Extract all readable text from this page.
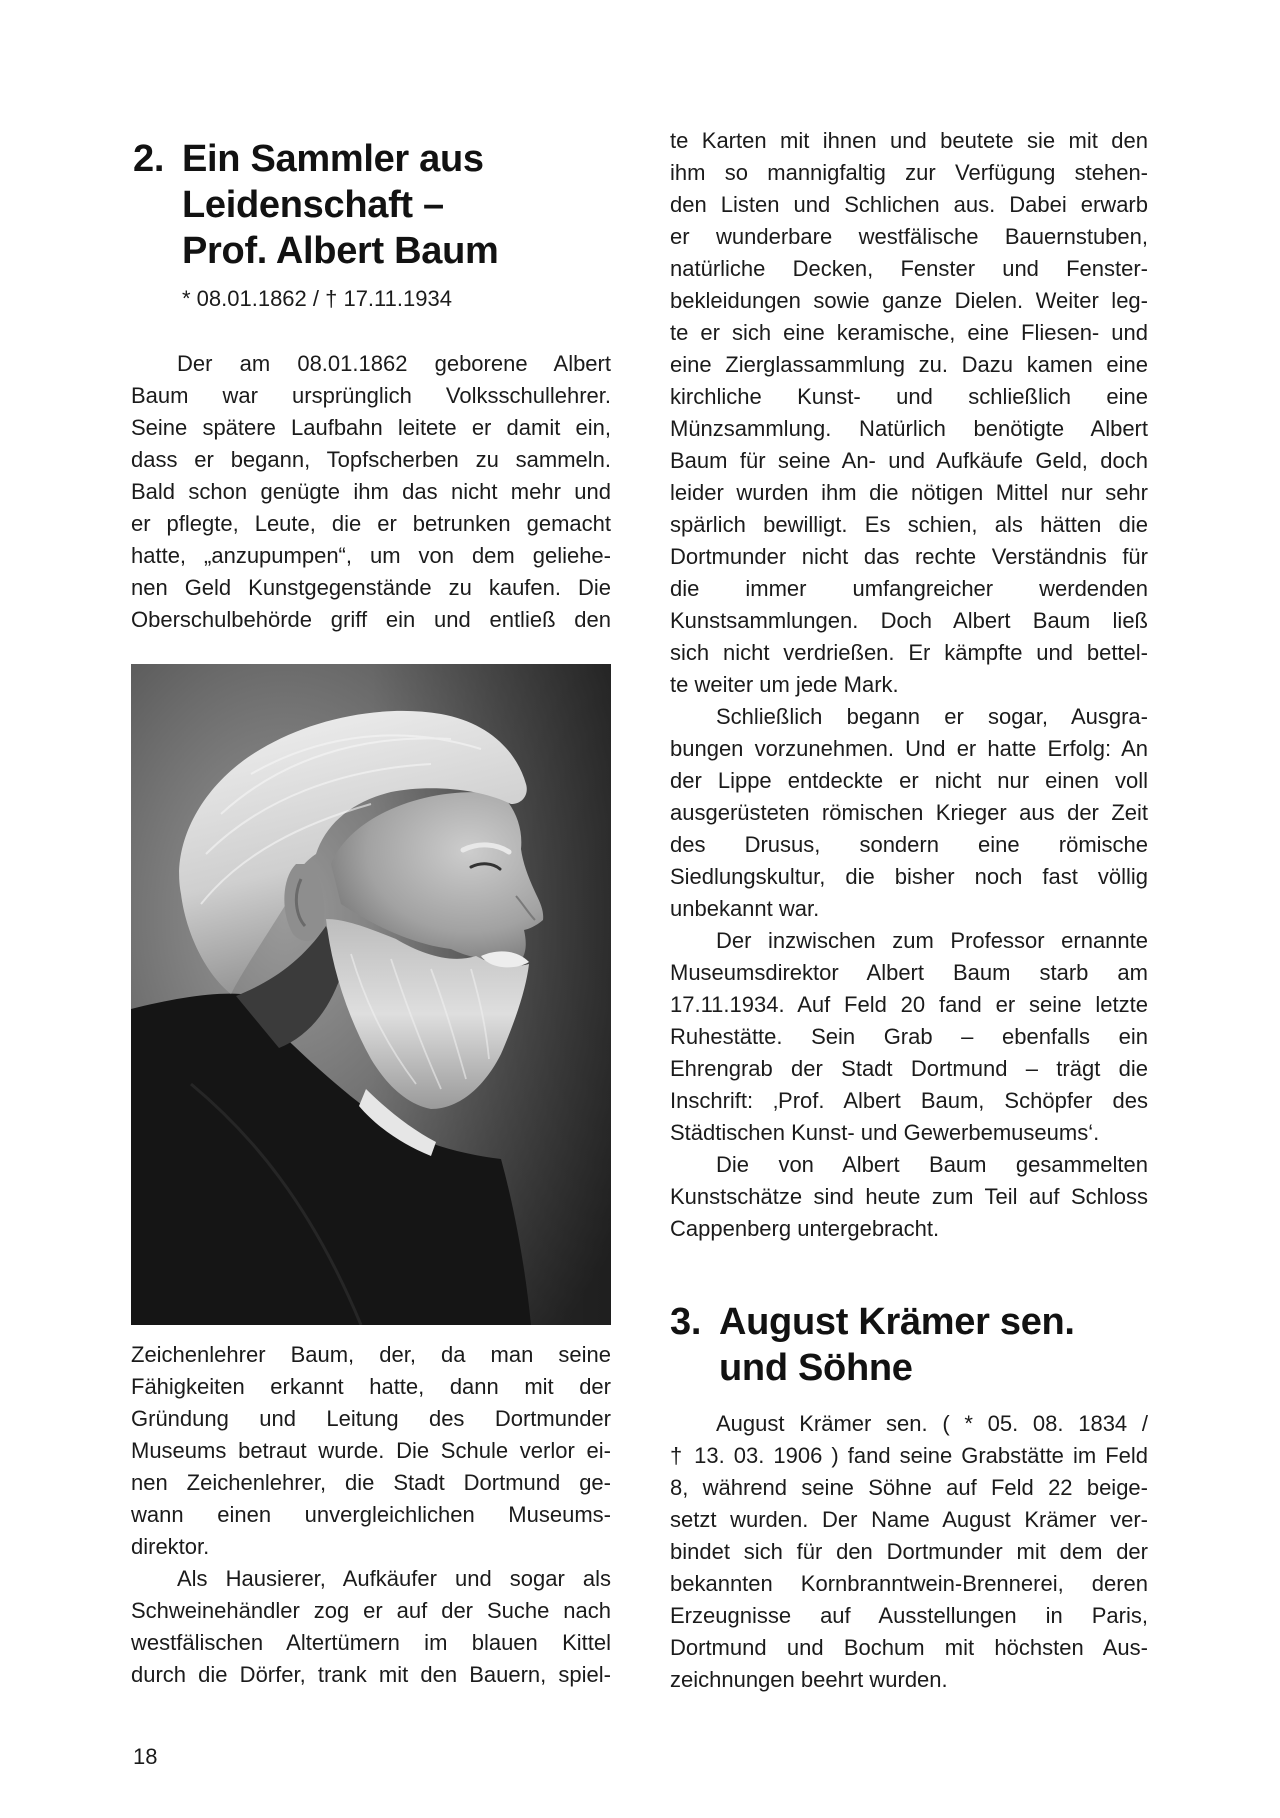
2. Ein Sammler aus
Leidenschaft –
Prof. Albert Baum
* 08.01.1862 / † 17.11.1934
Der am 08.01.1862 geborene Albert
Baum war ursprünglich Volksschullehrer.
Seine spätere Laufbahn leitete er damit ein,
dass er begann, Topfscherben zu sammeln.
Bald schon genügte ihm das nicht mehr und
er pflegte, Leute, die er betrunken gemacht
hatte, „anzupumpen“, um von dem geliehe-
nen Geld Kunstgegenstände zu kaufen. Die
Oberschulbehörde griff ein und entließ den
Zeichenlehrer Baum, der, da man seine
Fähigkeiten erkannt hatte, dann mit der
Gründung und Leitung des Dortmunder
Museums betraut wurde. Die Schule verlor ei-
nen Zeichenlehrer, die Stadt Dortmund ge-
wann einen unvergleichlichen Museums-
direktor.
Als Hausierer, Aufkäufer und sogar als
Schweinehändler zog er auf der Suche nach
westfälischen Altertümern im blauen Kittel
durch die Dörfer, trank mit den Bauern, spiel-
18
te Karten mit ihnen und beutete sie mit den
ihm so mannigfaltig zur Verfügung stehen-
den Listen und Schlichen aus. Dabei erwarb
er wunderbare westfälische Bauernstuben,
natürliche Decken, Fenster und Fenster-
bekleidungen sowie ganze Dielen. Weiter leg-
te er sich eine keramische, eine Fliesen- und
eine Zierglassammlung zu. Dazu kamen eine
kirchliche Kunst- und schließlich eine
Münzsammlung. Natürlich benötigte Albert
Baum für seine An- und Aufkäufe Geld, doch
leider wurden ihm die nötigen Mittel nur sehr
spärlich bewilligt. Es schien, als hätten die
Dortmunder nicht das rechte Verständnis für
die immer umfangreicher werdenden
Kunstsammlungen. Doch Albert Baum ließ
sich nicht verdrießen. Er kämpfte und bettel-
te weiter um jede Mark.
Schließlich begann er sogar, Ausgra-
bungen vorzunehmen. Und er hatte Erfolg: An
der Lippe entdeckte er nicht nur einen voll
ausgerüsteten römischen Krieger aus der Zeit
des Drusus, sondern eine römische
Siedlungskultur, die bisher noch fast völlig
unbekannt war.
Der inzwischen zum Professor ernannte
Museumsdirektor Albert Baum starb am
17.11.1934. Auf Feld 20 fand er seine letzte
Ruhestätte. Sein Grab – ebenfalls ein
Ehrengrab der Stadt Dortmund – trägt die
Inschrift: ‚Prof. Albert Baum, Schöpfer des
Städtischen Kunst- und Gewerbemuseums‘.
Die von Albert Baum gesammelten
Kunstschätze sind heute zum Teil auf Schloss
Cappenberg untergebracht.
3. August Krämer sen.
und Söhne
August Krämer sen. ( * 05. 08. 1834 /
† 13. 03. 1906 ) fand seine Grabstätte im Feld
8, während seine Söhne auf Feld 22 beige-
setzt wurden. Der Name August Krämer ver-
bindet sich für den Dortmunder mit dem der
bekannten Kornbranntwein-Brennerei, deren
Erzeugnisse auf Ausstellungen in Paris,
Dortmund und Bochum mit höchsten Aus-
zeichnungen beehrt wurden.
